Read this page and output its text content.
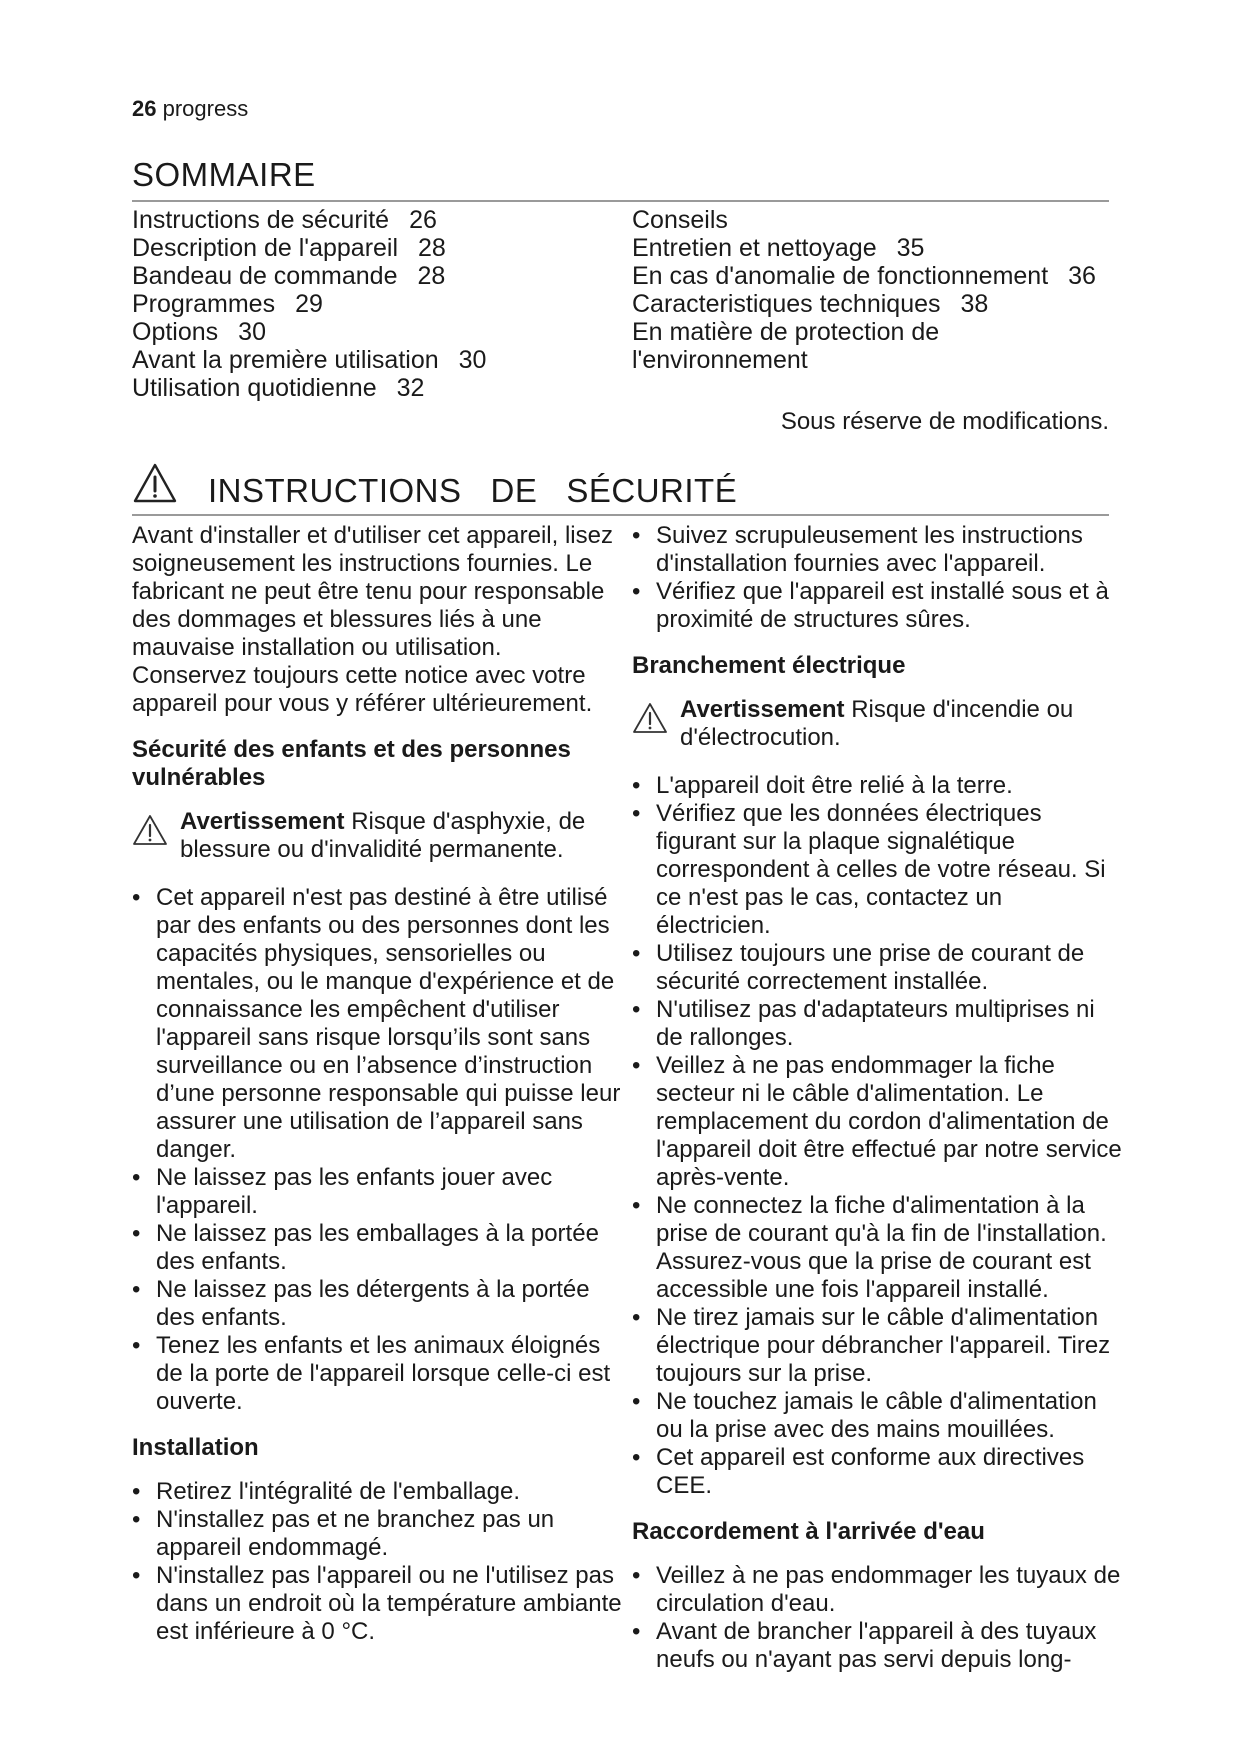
26 progress
SOMMAIRE
Instructions de sécurité 26
Description de l'appareil 28
Bandeau de commande 28
Programmes 29
Options 30
Avant la première utilisation 30
Utilisation quotidienne 32
Conseils
Entretien et nettoyage 35
En cas d'anomalie de fonctionnement 36
Caracteristiques techniques 38
En matière de protection de
l'environnement
Sous réserve de modifications.
INSTRUCTIONS   DE   SÉCURITÉ

Avant d'installer et d'utiliser cet appareil, lisez soigneusement les instructions fournies. Le fabricant ne peut être tenu pour responsable des dommages et blessures liés à une mauvaise installation ou utilisation. Conservez toujours cette notice avec votre appareil pour vous y référer ultérieurement.

Sécurité des enfants et des personnes vulnérables
Avertissement Risque d'asphyxie, de blessure ou d'invalidité permanente.
• Cet appareil n'est pas destiné à être utilisé par des enfants ou des personnes dont les capacités physiques, sensorielles ou mentales, ou le manque d'expérience et de connaissance les empêchent d'utiliser l'appareil sans risque lorsqu’ils sont sans surveillance ou en l’absence d’instruction d’une personne responsable qui puisse leur assurer une utilisation de l’appareil sans danger.
• Ne laissez pas les enfants jouer avec l'appareil.
• Ne laissez pas les emballages à la portée des enfants.
• Ne laissez pas les détergents à la portée des enfants.
• Tenez les enfants et les animaux éloignés de la porte de l'appareil lorsque celle-ci est ouverte.
Installation
• Retirez l'intégralité de l'emballage.
• N'installez pas et ne branchez pas un appareil endommagé.
• N'installez pas l'appareil ou ne l'utilisez pas dans un endroit où la température ambiante est inférieure à 0 °C.
• Suivez scrupuleusement les instructions d'installation fournies avec l'appareil.
• Vérifiez que l'appareil est installé sous et à proximité de structures sûres.
Branchement électrique
Avertissement Risque d'incendie ou d'électrocution.
• L'appareil doit être relié à la terre.
• Vérifiez que les données électriques figurant sur la plaque signalétique correspondent à celles de votre réseau. Si ce n'est pas le cas, contactez un électricien.
• Utilisez toujours une prise de courant de sécurité correctement installée.
• N'utilisez pas d'adaptateurs multiprises ni de rallonges.
• Veillez à ne pas endommager la fiche secteur ni le câble d'alimentation. Le remplacement du cordon d'alimentation de l'appareil doit être effectué par notre service après-vente.
• Ne connectez la fiche d'alimentation à la prise de courant qu'à la fin de l'installation. Assurez-vous que la prise de courant est accessible une fois l'appareil installé.
• Ne tirez jamais sur le câble d'alimentation électrique pour débrancher l'appareil. Tirez toujours sur la prise.
• Ne touchez jamais le câble d'alimentation ou la prise avec des mains mouillées.
• Cet appareil est conforme aux directives CEE.
Raccordement à l'arrivée d'eau
• Veillez à ne pas endommager les tuyaux de circulation d'eau.
• Avant de brancher l'appareil à des tuyaux neufs ou n'ayant pas servi depuis long-
